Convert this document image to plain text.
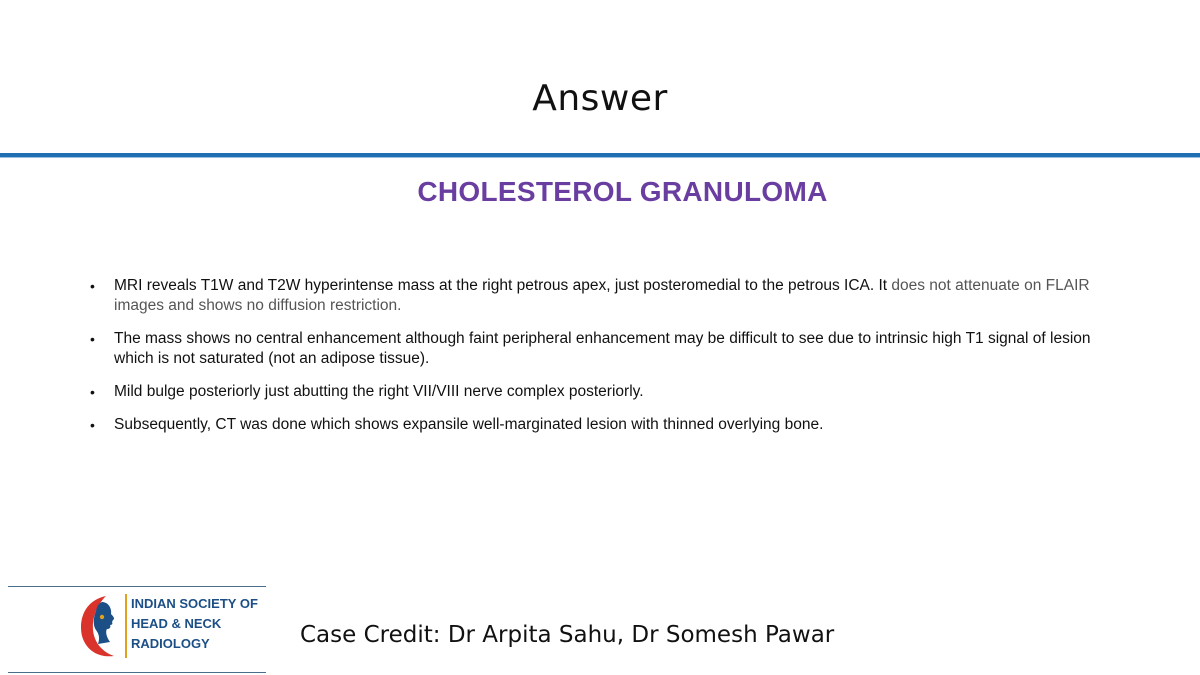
Answer
CHOLESTEROL GRANULOMA
• MRI reveals T1W and T2W hyperintense mass at the right petrous apex, just posteromedial to the petrous ICA. It does not attenuate on FLAIR images and shows no diffusion restriction.
• The mass shows no central enhancement although faint peripheral enhancement may be difficult to see due to intrinsic high T1 signal of lesion which is not saturated (not an adipose tissue).
• Mild bulge posteriorly just abutting the right VII/VIII nerve complex posteriorly.
• Subsequently, CT was done which shows expansile well-marginated lesion with thinned overlying bone.
INDIAN SOCIETY OF
HEAD & NECK
RADIOLOGY	Case Credit: Dr Arpita Sahu, Dr Somesh Pawar
